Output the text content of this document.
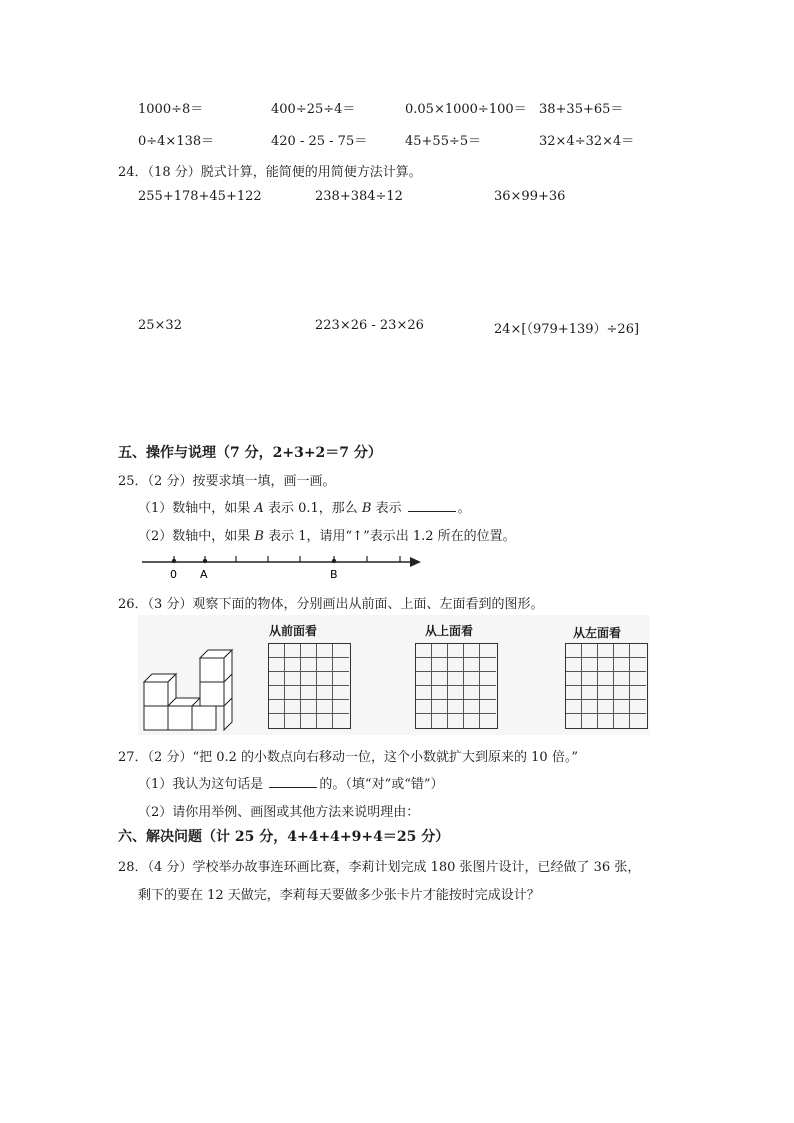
1000÷8＝	400÷25÷4＝	0.05×1000÷100＝ 38+35+65＝
0÷4×138＝	420 - 25 - 75＝	45+55÷5＝	32×4÷32×4＝
24．（18 分）脱式计算，能简便的用简便方法计算。
255+178+45+122	238+384÷12	36×99+36
25×32	223×26 - 23×26	24×[（979+139）÷26]
五、操作与说理（7 分，2+3+2＝7 分）
25．（2 分）按要求填一填，画一画。
（1）数轴中，如果 A 表示 0.1，那么 B 表示	。
（2）数轴中，如果 B 表示 1，请用“↑”表示出 1.2 所在的位置。
0 A	B
26．（3 分）观察下面的物体，分别画出从前面、上面、左面看到的图形。
从前面看	从上面看	从左面看
27．（2 分）“把 0.2 的小数点向右移动一位，这个小数就扩大到原来的 10 倍。”
（1）我认为这句话是	的。（填“对”或“错”）
（2）请你用举例、画图或其他方法来说明理由：
六、解决问题（计 25 分，4+4+4+9+4＝25 分）
28．（4 分）学校举办故事连环画比赛，李莉计划完成 180 张图片设计，已经做了 36 张，
剩下的要在 12 天做完，李莉每天要做多少张卡片才能按时完成设计？
